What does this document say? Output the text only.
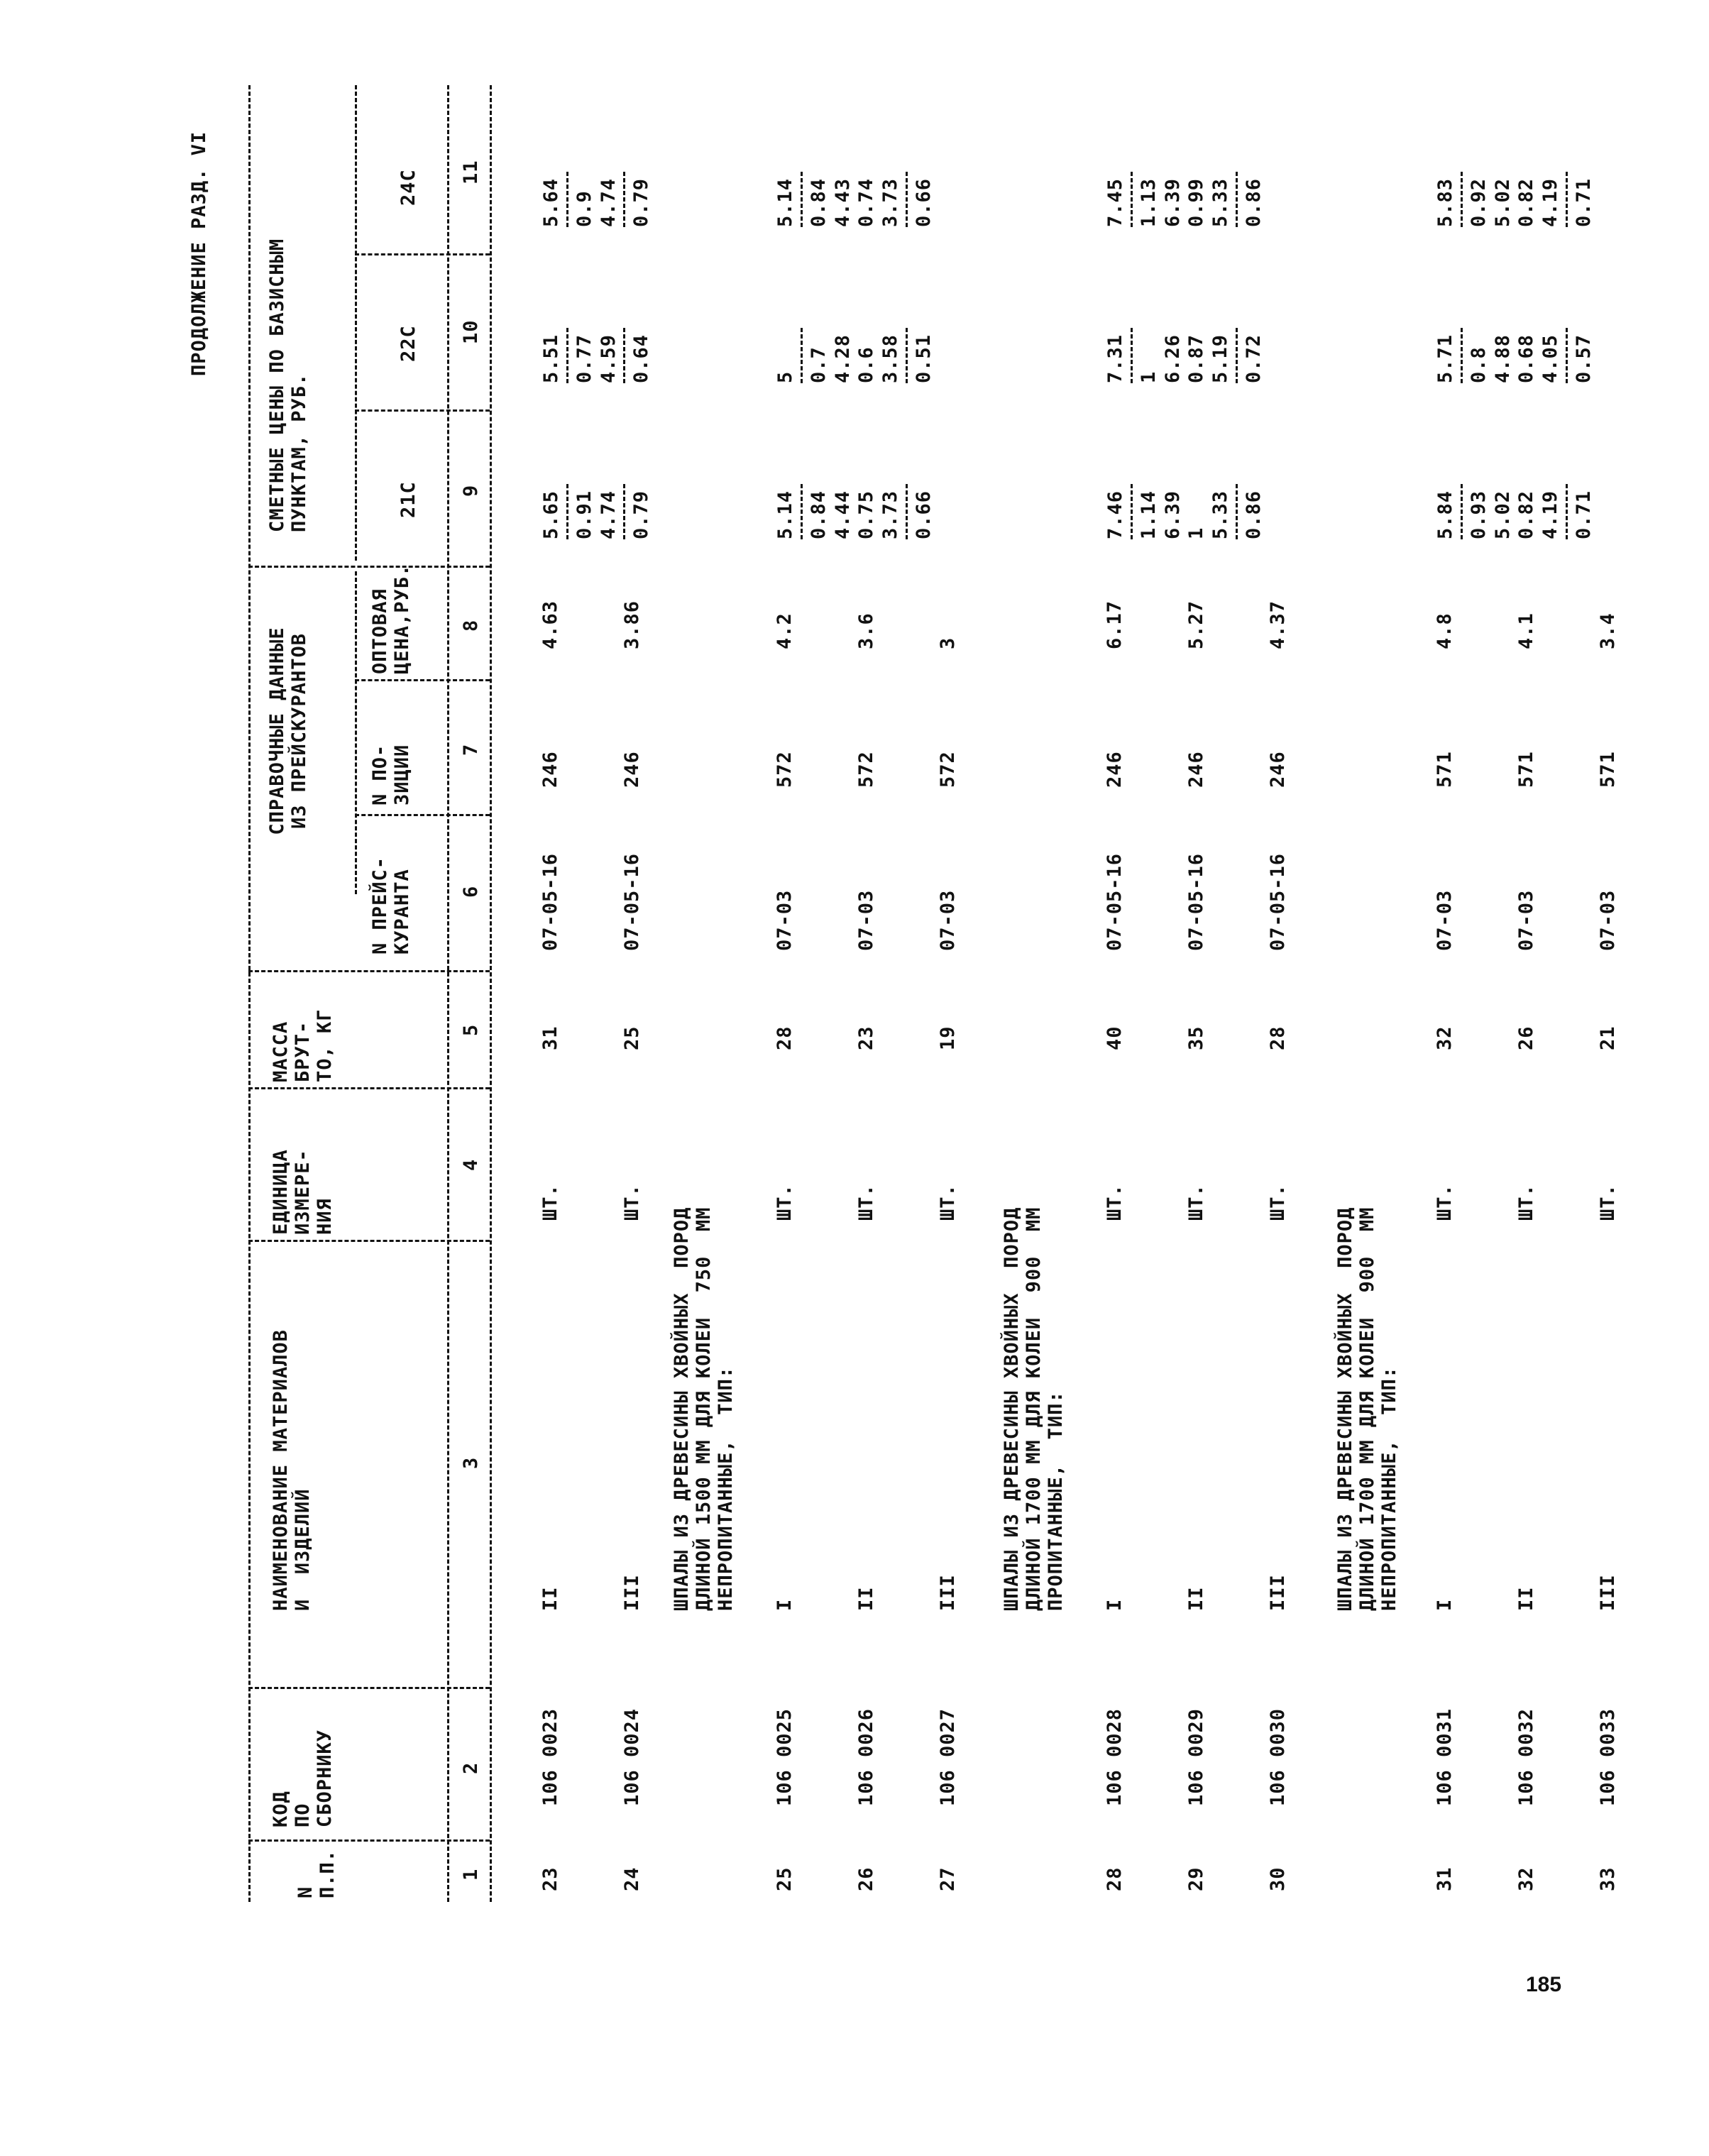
ПРОДОЛЖЕНИЕ РАЗД. VI
N
П.П.
КОД
ПО
СБОРНИКУ
НАИМЕНОВАНИЕ МАТЕРИАЛОВ
И  ИЗДЕЛИЙ
ЕДИНИЦА
ИЗМЕРЕ-
НИЯ
МАССА
БРУТ-
ТО, КГ
СПРАВОЧНЫЕ ДАННЫЕ
ИЗ ПРЕЙСКУРАНТОВ
N ПРЕЙС-
КУРАНТА
N ПО-
ЗИЦИИ
ОПТОВАЯ
ЦЕНА,РУБ.
СМЕТНЫЕ ЦЕНЫ ПО БАЗИСНЫМ
ПУНКТАМ, РУБ.
21С
22С
24С
1
2
3
4
5
6
7
8
9
10
11
ШПАЛЫ ИЗ ДРЕВЕСИНЫ ХВОЙНЫХ  ПОРОД
ДЛИНОЙ 1500 ММ ДЛЯ КОЛЕИ  750  ММ
НЕПРОПИТАННЫЕ,  ТИП:
ШПАЛЫ ИЗ ДРЕВЕСИНЫ ХВОЙНЫХ  ПОРОД
ДЛИНОЙ 1700 ММ ДЛЯ КОЛЕИ  900  ММ
ПРОПИТАННЫЕ,  ТИП:
ШПАЛЫ ИЗ ДРЕВЕСИНЫ ХВОЙНЫХ  ПОРОД
ДЛИНОЙ 1700 ММ ДЛЯ КОЛЕИ  900  ММ
НЕПРОПИТАННЫЕ,  ТИП:
23
106 0023
II
ШТ.
31
07-05-16
246
4.63
5.65 0.91 4.74 0.79
5.51 0.77 4.59 0.64
5.64 0.9 4.74 0.79
24
106 0024
III
ШТ.
25
07-05-16
246
3.86
25
106 0025
I
ШТ.
28
07-03
572
4.2
5.14 0.84 4.44 0.75 3.73 0.66
5 0.7 4.28 0.6 3.58 0.51
5.14 0.84 4.43 0.74 3.73 0.66
26
106 0026
II
ШТ.
23
07-03
572
3.6
27
106 0027
III
ШТ.
19
07-03
572
3
28
106 0028
I
ШТ.
40
07-05-16
246
6.17
7.46 1.14 6.39 1 5.33 0.86
7.31 1 6.26 0.87 5.19 0.72
7.45 1.13 6.39 0.99 5.33 0.86
29
106 0029
II
ШТ.
35
07-05-16
246
5.27
30
106 0030
III
ШТ.
28
07-05-16
246
4.37
31
106 0031
I
ШТ.
32
07-03
571
4.8
5.84 0.93 5.02 0.82 4.19 0.71
5.71 0.8 4.88 0.68 4.05 0.57
5.83 0.92 5.02 0.82 4.19 0.71
32
106 0032
II
ШТ.
26
07-03
571
4.1
33
106 0033
III
ШТ.
21
07-03
571
3.4
185
